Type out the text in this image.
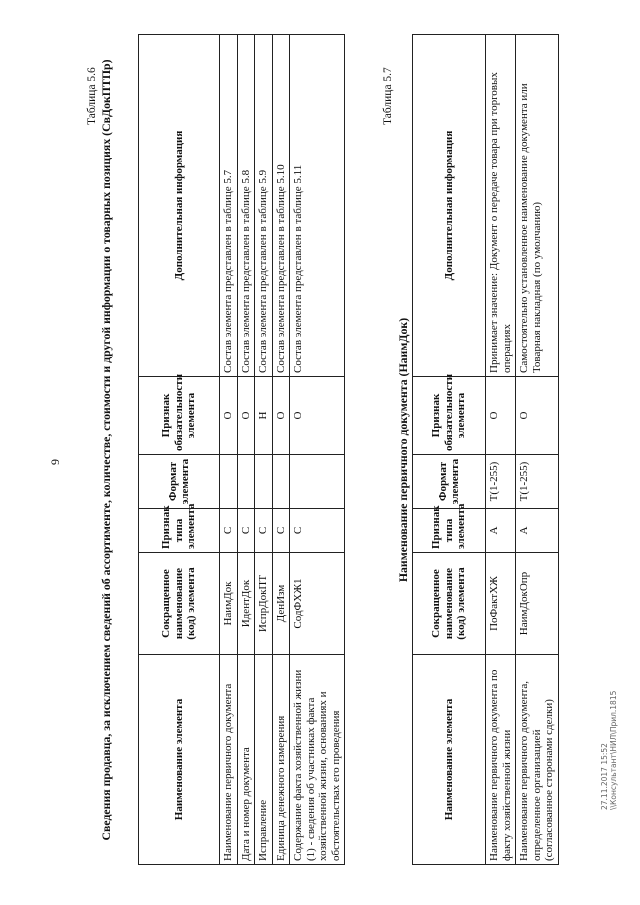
9
Таблица 5.6 Сведения продавца, за исключением сведений об ассортименте, количестве, стоимости и другой информации о товарных позициях (СвДокПТПр)	Наименование элемента	Сокращенное наименование (код) элемента	Признак типа элемента	Формат элемента	Признак обязательности элемента	Дополнительная информация
Наименование первичного документа	НаимДок	С		О	Состав элемента представлен в таблице 5.7
Дата и номер документа	ИдентДок	С		О	Состав элемента представлен в таблице 5.8
Исправление	ИспрДокПТ	С		Н	Состав элемента представлен в таблице 5.9
Единица денежного измерения	ДенИзм	С		О	Состав элемента представлен в таблице 5.10
Содержание факта хозяйственной жизни (1) - сведения об участниках факта хозяйственной жизни, основаниях и обстоятельствах его проведения	СодФХЖ1	С		О	Состав элемента представлен в таблице 5.11
Таблица 5.7
Наименование первичного документа (НаимДок)
Наименование элемента	Сокращенное наименование (код) элемента	Признак типа элемента	Формат элемента	Признак обязательности элемента	Дополнительная информация
Наименование первичного документа по факту хозяйственной жизни	ПоФактХЖ	А	T(1-255)	О	Принимает значение: Документ о передаче товара при торговых операциях
Наименование первичного документа, определенное организацией (согласованное сторонами сделки)	НаимДокОпр	А	T(1-255)	О	Самостоятельно установленное наименование документа или Товарная накладная (по умолчанию)
27.11.2017 15:52 \\Консультант\НИЛ\Прил.1815
